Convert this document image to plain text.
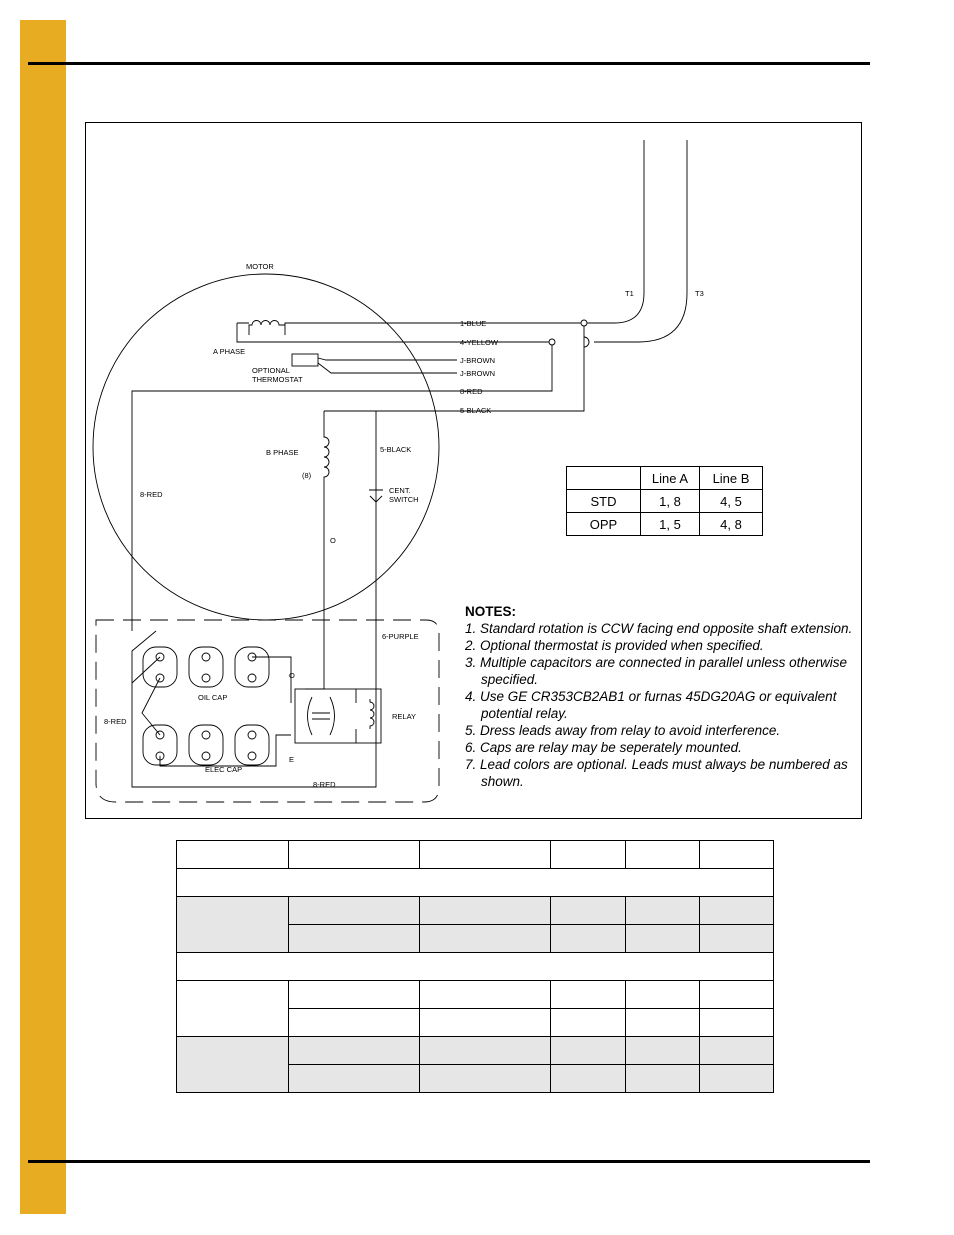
MOTOR
A PHASE
OPTIONAL
THERMOSTAT
B PHASE
(8)
8-RED
5-BLACK
CENT.
SWITCH
O
6-PURPLE
O
OIL CAP
8-RED
RELAY
E
ELEC CAP
8-RED
T1	T3
1-BLUE
4-YELLOW
J-BROWN
J-BROWN
8-RED
5-BLACK
	Line A	Line B
STD	1, 8	4, 5
OPP	1, 5	4, 8
NOTES:
1. Standard rotation is CCW facing end opposite shaft extension.
2. Optional thermostat is provided when specified.
3. Multiple capacitors are connected in parallel unless otherwise specified.
4. Use GE CR353CB2AB1 or furnas 45DG20AG or equivalent potential relay.
5. Dress leads away from relay to avoid interference.
6. Caps are relay may be seperately mounted.
7. Lead colors are optional. Leads must always be numbered as shown.
